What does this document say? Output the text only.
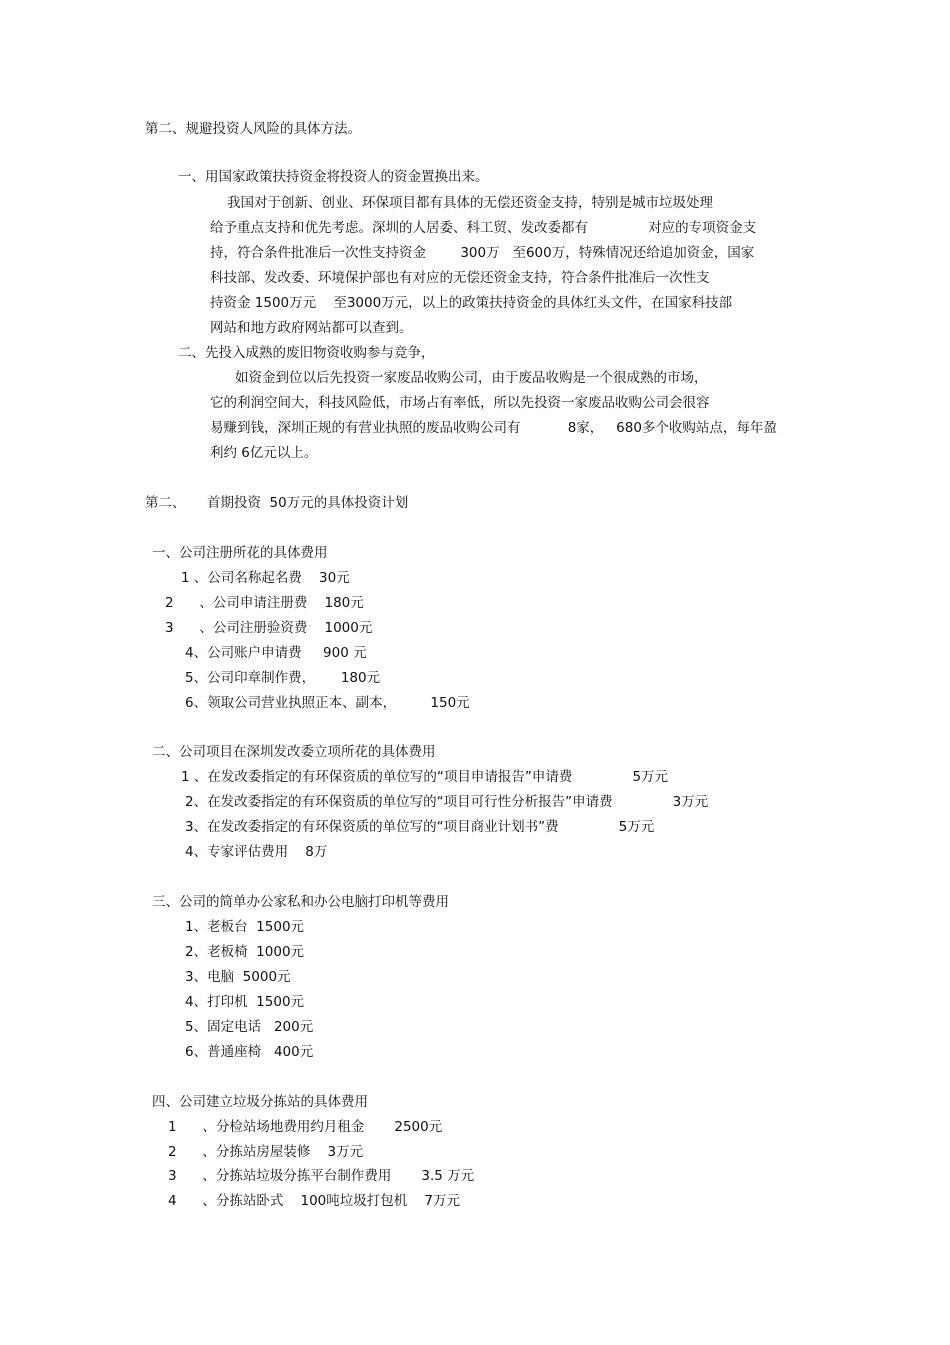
第二、规避投资人风险的具体方法。
一、用国家政策扶持资金将投资人的资金置换出来。
我国对于创新、创业、环保项目都有具体的无偿还资金支持，特别是城市垃圾处理
给予重点支持和优先考虑。深圳的人居委、科工贸、发改委都有              对应的专项资金支
持，符合条件批准后一次性支持资金        300万   至600万，特殊情况还给追加资金，国家
科技部、发改委、环境保护部也有对应的无偿还资金支持，符合条件批准后一次性支
持资金 1500万元    至3000万元，以上的政策扶持资金的具体红头文件，在国家科技部
网站和地方政府网站都可以查到。
二、先投入成熟的废旧物资收购参与竞争，
如资金到位以后先投资一家废品收购公司，由于废品收购是一个很成熟的市场，
它的利润空间大，科技风险低，市场占有率低，所以先投资一家废品收购公司会很容
易赚到钱，深圳正规的有营业执照的废品收购公司有           8家，   680多个收购站点，每年盈
利约 6亿元以上。
第二、     首期投资  50万元的具体投资计划
一、公司注册所花的具体费用
1 、公司名称起名费    30元
2      、公司申请注册费    180元
3      、公司注册验资费    1000元
4、公司账户申请费     900 元
5、公司印章制作费，      180元
6、领取公司营业执照正本、副本，        150元
二、公司项目在深圳发改委立项所花的具体费用
1 、在发改委指定的有环保资质的单位写的“项目申请报告”申请费              5万元
2、在发改委指定的有环保资质的单位写的“项目可行性分析报告”申请费              3万元
3、在发改委指定的有环保资质的单位写的“项目商业计划书”费              5万元
4、专家评估费用    8万
三、公司的简单办公家私和办公电脑打印机等费用
1、老板台  1500元
2、老板椅  1000元
3、电脑  5000元
4、打印机  1500元
5、固定电话   200元
6、普通座椅   400元
四、公司建立垃圾分拣站的具体费用
1      、分检站场地费用约月租金       2500元
2      、分拣站房屋装修    3万元
3      、分拣站垃圾分拣平台制作费用       3.5 万元
4      、分拣站卧式    100吨垃圾打包机    7万元
